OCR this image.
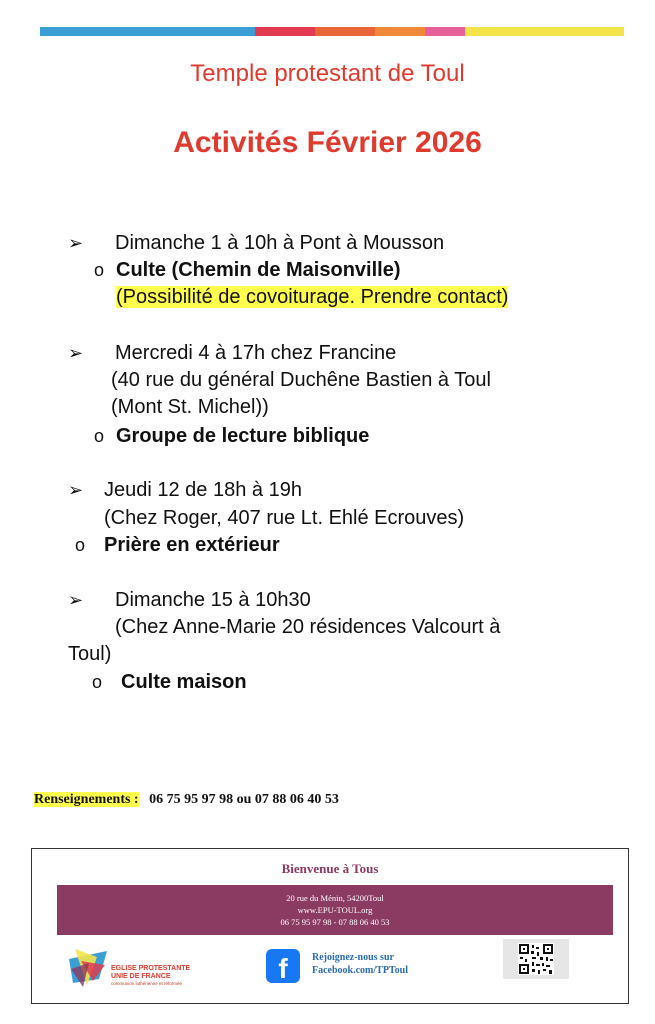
Temple protestant de Toul
Activités Février 2026
➢ Dimanche 1 à 10h à Pont à Mousson
o Culte (Chemin de Maisonville)
(Possibilité de covoiturage. Prendre contact)
➢ Mercredi 4 à 17h chez Francine
(40 rue du général Duchêne Bastien à Toul
(Mont St. Michel))
o Groupe de lecture biblique
➢ Jeudi 12 de 18h à 19h
(Chez Roger, 407 rue Lt. Ehlé Ecrouves)
o Prière en extérieur
➢ Dimanche 15 à 10h30
(Chez Anne-Marie 20 résidences Valcourt à
Toul)
o Culte maison
Renseignements : 06 75 95 97 98 ou 07 88 06 40 53
Bienvenue à Tous
20 rue du Ménin, 54200Toul
www.EPU-TOUL.org
06 75 95 97 98 - 07 88 06 40 53
EGLISE PROTESTANTE
UNIE DE FRANCE
communion luthérienne et réformée	f	Rejoignez-nous sur
Facebook.com/TPToul
